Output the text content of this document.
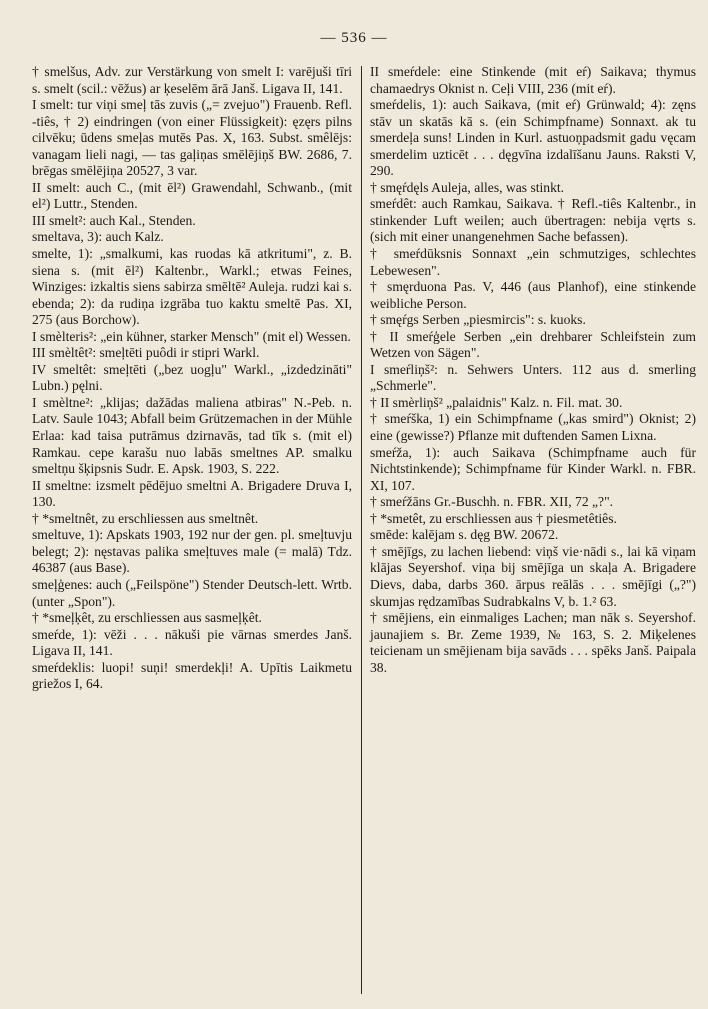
— 536 —
† smelšus, Adv. zur Verstärkung von smelt I: varējuši tīri s. smelt (scil.: vēžus) ar ķeselēm ārā Janš. Ligava II, 141.
I smelt: tur viņi smeļ tās zuvis („= zvejuo") Frauenb. Refl. -tiês, † 2) eindringen (von einer Flüssigkeit): ęzęrs pilns cilvēku; ūdens smeļas mutēs Pas. X, 163. Subst. smêlējs: vanagam lieli nagi, — tas gaļiņas smēlējiņš BW. 2686, 7. brēgas smēlējiņa 20527, 3 var.
II smelt: auch C., (mit ēl²) Grawendahl, Schwanb., (mit el²) Luttr., Stenden.
III smelt²: auch Kal., Stenden.
smeltava, 3): auch Kalz.
smelte, 1): „smalkumi, kas ruodas kā atkritumi", z. B. siena s. (mit ēl²) Kaltenbr., Warkl.; etwas Feines, Winziges: izkaltis siens sabirza smēltē² Auleja. rudzi kai s. ebenda; 2): da rudiņa izgrāba tuo kaktu smeltē Pas. XI, 275 (aus Borchow).
I smèlteris²: „ein kühner, starker Mensch" (mit el) Wessen.
III smèltêt²: smeļtēti puôdi ir stipri Warkl.
IV smeltêt: smeļtēti („bez uogļu" Warkl., „izdedzināti" Lubn.) pęlni.
I smèltne²: „klijas; dažādas maliena atbiras" N.-Peb. n. Latv. Saule 1043; Abfall beim Grützemachen in der Mühle Erlaa: kad taisa putrāmus dzirnavās, tad tīk s. (mit el) Ramkau. cepe karašu nuo labās smeltnes AP. smalku smeltņu šķipsnis Sudr. E. Apsk. 1903, S. 222.
II smeltne: izsmelt pēdējuo smeltni A. Brigadere Druva I, 130.
† *smeltnêt, zu erschliessen aus smeltnêt.
smeltuve, 1): Apskats 1903, 192 nur der gen. pl. smeļtuvju belegt; 2): nęstavas palika smeļtuves male (= malā) Tdz. 46387 (aus Base).
smeļģenes: auch („Feilspöne") Stender Deutsch-lett. Wrtb. (unter „Spon").
† *smeļķêt, zu erschliessen aus sasmeļķêt.
smeŕde, 1): vēži . . . nākuši pie vārnas smerdes Janš. Ligava II, 141.
smeŕdeklis: luopi! suņi! smerdekļi! A. Upītis Laikmetu griežos I, 64.
II smeŕdele: eine Stinkende (mit eŕ) Saikava; thymus chamaedrys Oknist n. Ceļi VIII, 236 (mit eŕ).
smeŕdelis, 1): auch Saikava, (mit eŕ) Grünwald; 4): zęns stāv un skatās kā s. (ein Schimpfname) Sonnaxt. ak tu smerdeļa suns! Linden in Kurl. astuoņpadsmit gadu vęcam smerdelim uzticēt . . . dęgvīna izdalīšanu Jauns. Raksti V, 290.
† smęŕdęls Auleja, alles, was stinkt.
smeŕdêt: auch Ramkau, Saikava. † Refl.-tiês Kaltenbr., in stinkender Luft weilen; auch übertragen: nebija vęrts s. (sich mit einer unangenehmen Sache befassen).
† smeŕdūksnis Sonnaxt „ein schmutziges, schlechtes Lebewesen".
† smęrduona Pas. V, 446 (aus Planhof), eine stinkende weibliche Person.
† smęŕgs Serben „piesmircis": s. kuoks.
† II smeŕģele Serben „ein drehbarer Schleifstein zum Wetzen von Sägen".
I smeŕliņš²: n. Sehwers Unters. 112 aus d. smerling „Schmerle".
† II smèrliņš² „palaidnis" Kalz. n. Fil. mat. 30.
† smeŕška, 1) ein Schimpfname („kas smird") Oknist; 2) eine (gewisse?) Pflanze mit duftenden Samen Lixna.
smeŕža, 1): auch Saikava (Schimpfname auch für Nichtstinkende); Schimpfname für Kinder Warkl. n. FBR. XI, 107.
† smeŕžāns Gr.-Buschh. n. FBR. XII, 72 „?".
† *smetêt, zu erschliessen aus † piesmetêtiês.
smēde: kalējam s. dęg BW. 20672.
† smējīgs, zu lachen liebend: viņš vie·nādi s., lai kā viņam klājas Seyershof. viņa bij smējīga un skaļa A. Brigadere Dievs, daba, darbs 360. ārpus reālās . . . smējīgi („?") skumjas rędzamības Sudrabkalns V, b. 1.² 63.
† smējiens, ein einmaliges Lachen; man nāk s. Seyershof. jaunajiem s. Br. Zeme 1939, № 163, S. 2. Miķelenes teicienam un smējienam bija savāds . . . spēks Janš. Paipala 38.
